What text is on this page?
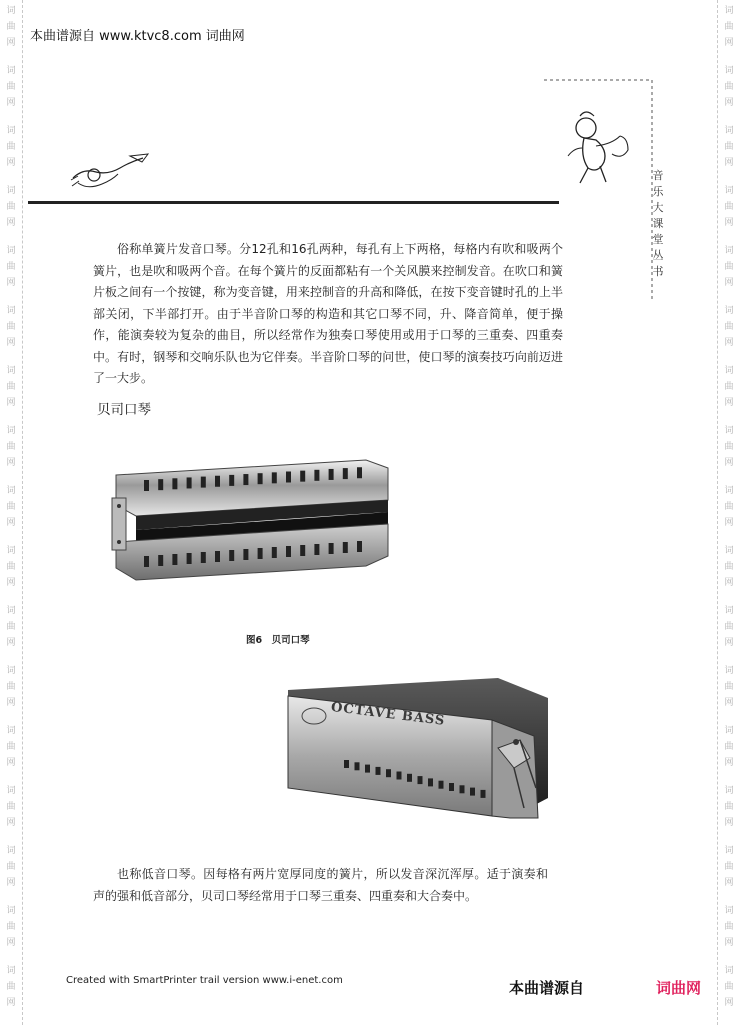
词
曲
网
词
曲
网
词
曲
网
词
曲
网
词
曲
网
词
曲
网
词
曲
网
词
曲
网
词
曲
网
词
曲
网
词
曲
网
词
曲
网
词
曲
网
词
曲
网
词
曲
网
词
曲
网
词
曲
网
词
曲
网
词
曲
网
词
曲
网
词
曲
网
词
曲
网
词
曲
网
词
曲
网
词
曲
网
词
曲
网
词
曲
网
词
曲
网
词
曲
网
词
曲
网
词
曲
网
词
曲
网
词
曲
网
词
曲
网
本曲谱源自 www.ktvc8.com 词曲网
音
乐
大
课
堂
丛
书
俗称单簧片发音口琴。分12孔和16孔两种，每孔有上下两格，每格内有吹和吸两个簧片，也是吹和吸两个音。在每个簧片的反面都粘有一个关风膜来控制发音。在吹口和簧片板之间有一个按键，称为变音键，用来控制音的升高和降低，在按下变音键时孔的上半部关闭，下半部打开。由于半音阶口琴的构造和其它口琴不同，升、降音简单，便于操作，能演奏较为复杂的曲目，所以经常作为独奏口琴使用或用于口琴的三重奏、四重奏中。有时，钢琴和交响乐队也为它伴奏。半音阶口琴的问世，使口琴的演奏技巧向前迈进了一大步。
贝司口琴
图6　贝司口琴
OCTAVE BASS
也称低音口琴。因每格有两片宽厚同度的簧片，所以发音深沉浑厚。适于演奏和声的强和低音部分，贝司口琴经常用于口琴三重奏、四重奏和大合奏中。
Created with SmartPrinter trail version www.i-enet.com	本曲谱源自	词曲网
